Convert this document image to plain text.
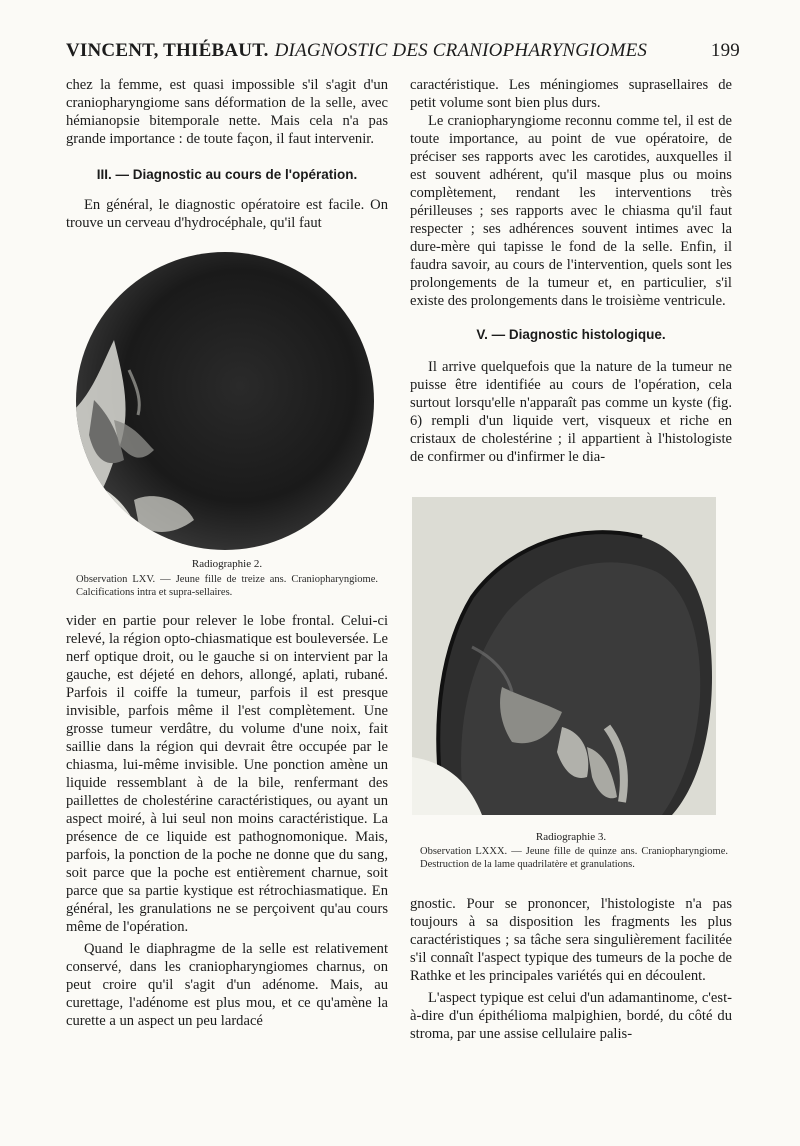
VINCENT, THIÉBAUT. DIAGNOSTIC DES CRANIOPHARYNGIOMES	199

chez la femme, est quasi impossible s'il s'agit d'un craniopharyngiome sans déformation de la selle, avec hémianopsie bitemporale nette. Mais cela n'a pas grande importance : de toute façon, il faut intervenir.

III. — Diagnostic au cours de l'opération.

En général, le diagnostic opératoire est facile. On trouve un cerveau d'hydrocéphale, qu'il faut

Radiographie 2.
Observation LXV. — Jeune fille de treize ans. Craniopharyngiome. Calcifications intra et supra-sellaires.

vider en partie pour relever le lobe frontal. Celui-ci relevé, la région opto-chiasmatique est bouleversée. Le nerf optique droit, ou le gauche si on intervient par la gauche, est déjeté en dehors, allongé, aplati, rubané. Parfois il coiffe la tumeur, parfois il est presque invisible, parfois même il l'est complètement. Une grosse tumeur verdâtre, du volume d'une noix, fait saillie dans la région qui devrait être occupée par le chiasma, lui-même invisible. Une ponction amène un liquide ressemblant à de la bile, renfermant des paillettes de cholestérine caractéristiques, ou ayant un aspect moiré, à lui seul non moins caractéristique. La présence de ce liquide est pathognomonique. Mais, parfois, la ponction de la poche ne donne que du sang, soit parce que la poche est entièrement charnue, soit parce que sa partie kystique est rétrochiasmatique. En général, les granulations ne se perçoivent qu'au cours même de l'opération.

Quand le diaphragme de la selle est relativement conservé, dans les craniopharyngiomes charnus, on peut croire qu'il s'agit d'un adénome. Mais, au curettage, l'adénome est plus mou, et ce qu'amène la curette a un aspect un peu lardacé

caractéristique. Les méningiomes suprasellaires de petit volume sont bien plus durs.

Le craniopharyngiome reconnu comme tel, il est de toute importance, au point de vue opératoire, de préciser ses rapports avec les carotides, auxquelles il est souvent adhérent, qu'il masque plus ou moins complètement, rendant les interventions très périlleuses ; ses rapports avec le chiasma qu'il faut respecter ; ses adhérences souvent intimes avec la dure-mère qui tapisse le fond de la selle. Enfin, il faudra savoir, au cours de l'intervention, quels sont les prolongements de la tumeur et, en particulier, s'il existe des prolongements dans le troisième ventricule.

V. — Diagnostic histologique.

Il arrive quelquefois que la nature de la tumeur ne puisse être identifiée au cours de l'opération, cela surtout lorsqu'elle n'apparaît pas comme un kyste (fig. 6) rempli d'un liquide vert, visqueux et riche en cristaux de cholestérine ; il appartient à l'histologiste de confirmer ou d'infirmer le dia-

Radiographie 3.
Observation LXXX. — Jeune fille de quinze ans. Craniopharyngiome. Destruction de la lame quadrilatère et granulations.

gnostic. Pour se prononcer, l'histologiste n'a pas toujours à sa disposition les fragments les plus caractéristiques ; sa tâche sera singulièrement facilitée s'il connaît l'aspect typique des tumeurs de la poche de Rathke et les principales variétés qui en découlent.

L'aspect typique est celui d'un adamantinome, c'est-à-dire d'un épithélioma malpighien, bordé, du côté du stroma, par une assise cellulaire palis-
